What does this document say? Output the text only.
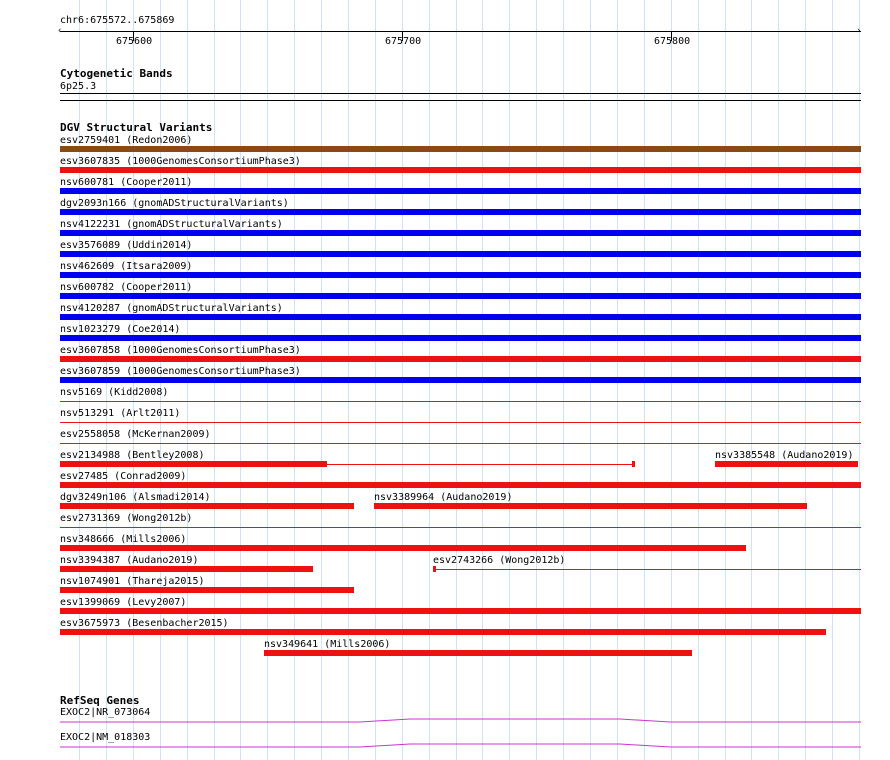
chr6:675572..675869
‹	›
675600	675700	675800
Cytogenetic Bands
6p25.3
DGV Structural Variants
esv2759401 (Redon2006)
esv3607835 (1000GenomesConsortiumPhase3)
nsv600781 (Cooper2011)
dgv2093n166 (gnomADStructuralVariants)
nsv4122231 (gnomADStructuralVariants)
esv3576089 (Uddin2014)
nsv462609 (Itsara2009)
nsv600782 (Cooper2011)
nsv4120287 (gnomADStructuralVariants)
nsv1023279 (Coe2014)
esv3607858 (1000GenomesConsortiumPhase3)
esv3607859 (1000GenomesConsortiumPhase3)
nsv5169 (Kidd2008)
nsv513291 (Arlt2011)
esv2558058 (McKernan2009)
esv2134988 (Bentley2008)	nsv3385548 (Audano2019)
esv27485 (Conrad2009)
dgv3249n106 (Alsmadi2014)	nsv3389964 (Audano2019)
esv2731369 (Wong2012b)
nsv348666 (Mills2006)
nsv3394387 (Audano2019)	esv2743266 (Wong2012b)
nsv1074901 (Thareja2015)
esv1399069 (Levy2007)
esv3675973 (Besenbacher2015)
nsv349641 (Mills2006)
RefSeq Genes
EXOC2|NR_073064
EXOC2|NM_018303
